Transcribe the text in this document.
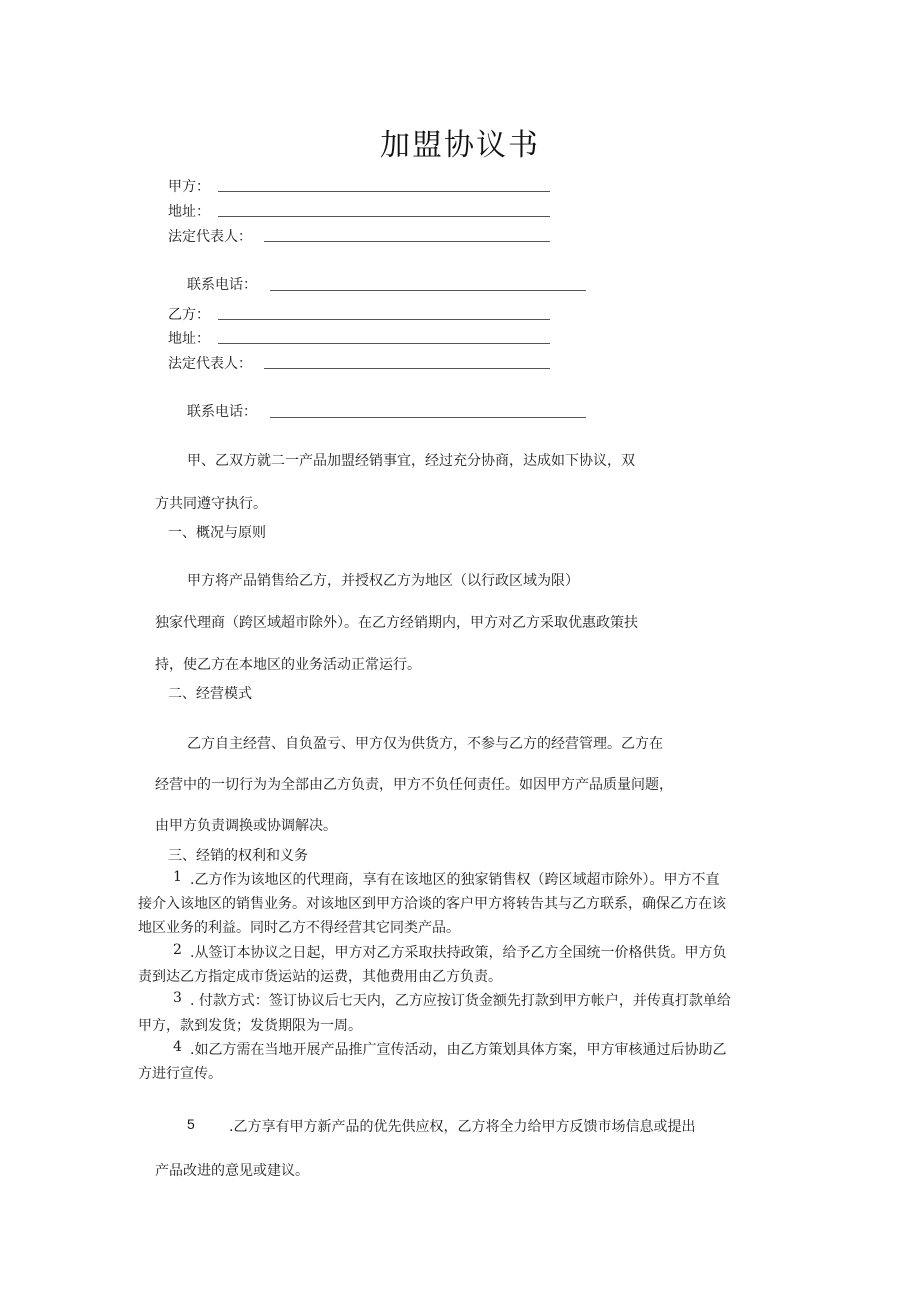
加盟协议书
甲方：
地址：
法定代表人：
联系电话：
乙方：
地址：
法定代表人：
联系电话：
甲、乙双方就二一产品加盟经销事宜，经过充分协商，达成如下协议，双
方共同遵守执行。
一、概况与原则
甲方将产品销售给乙方，并授权乙方为地区（以行政区域为限）
独家代理商（跨区域超市除外）。在乙方经销期内，甲方对乙方采取优惠政策扶
持，使乙方在本地区的业务活动正常运行。
二、经营模式
乙方自主经营、自负盈亏、甲方仅为供货方，不参与乙方的经营管理。乙方在
经营中的一切行为为全部由乙方负责，甲方不负任何责任。如因甲方产品质量问题，
由甲方负责调换或协调解决。
三、经销的权利和义务
1 .乙方作为该地区的代理商，享有在该地区的独家销售权（跨区域超市除外）。甲方不直
接介入该地区的销售业务。对该地区到甲方洽谈的客户甲方将转告其与乙方联系，确保乙方在该
地区业务的利益。同时乙方不得经营其它同类产品。
2 .从签订本协议之日起，甲方对乙方采取扶持政策，给予乙方全国统一价格供货。甲方负
责到达乙方指定成市货运站的运费，其他费用由乙方负责。
3 . 付款方式：签订协议后七天内，乙方应按订货金额先打款到甲方帐户，并传真打款单给
甲方，款到发货；发货期限为一周。
4 .如乙方需在当地开展产品推广宣传活动，由乙方策划具体方案，甲方审核通过后协助乙
方进行宣传。
5 .乙方享有甲方新产品的优先供应权，乙方将全力给甲方反馈市场信息或提出
产品改进的意见或建议。
